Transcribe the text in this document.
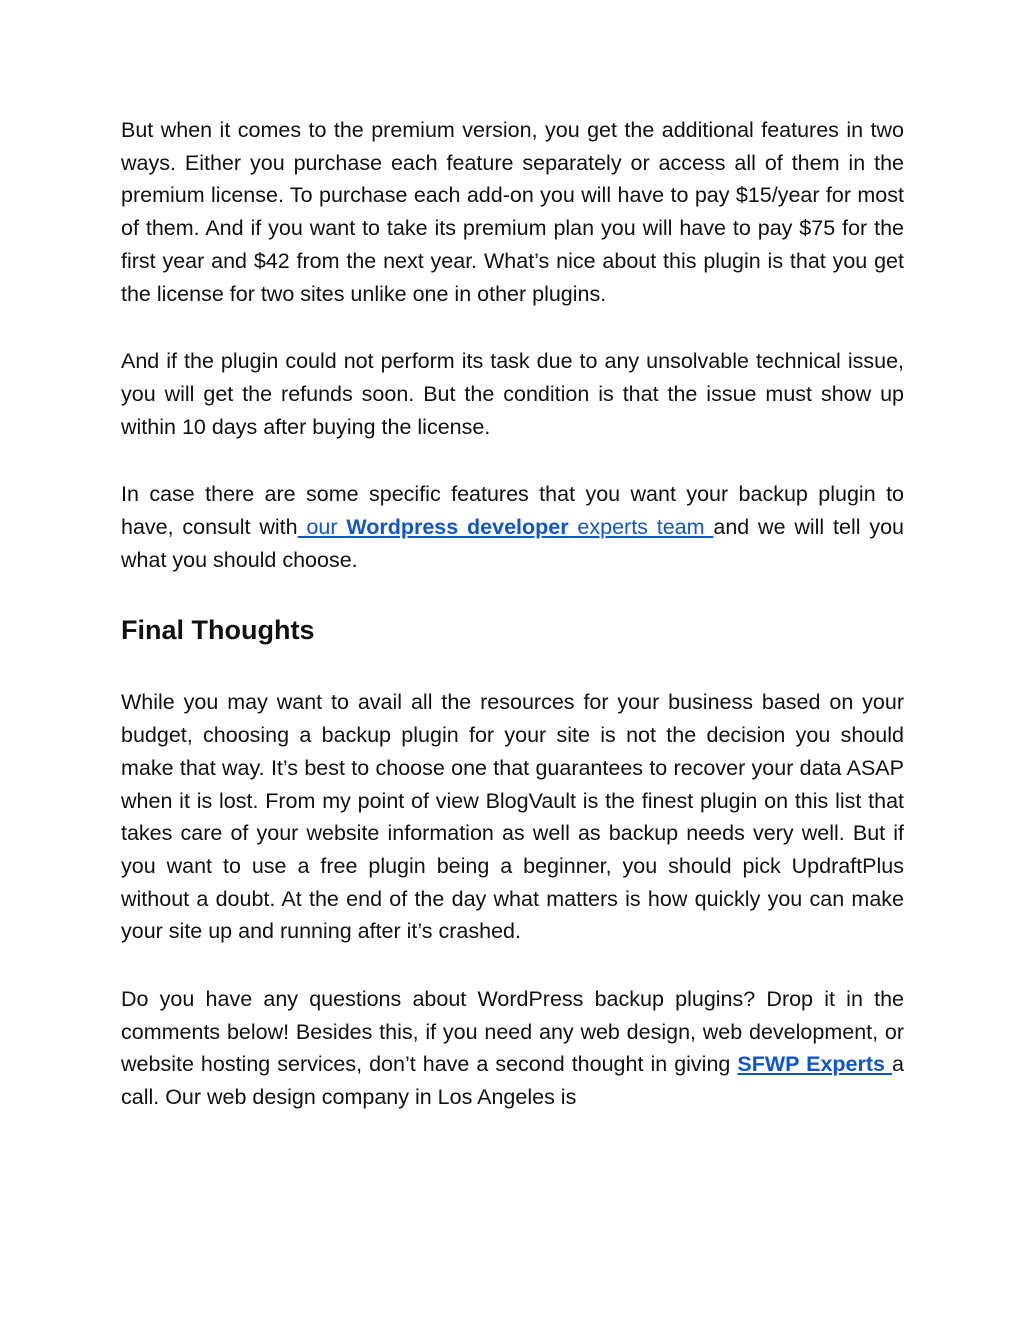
But when it comes to the premium version, you get the additional features in two ways. Either you purchase each feature separately or access all of them in the premium license. To purchase each add-on you will have to pay $15/year for most of them. And if you want to take its premium plan you will have to pay $75 for the first year and $42 from the next year. What’s nice about this plugin is that you get the license for two sites unlike one in other plugins.

And if the plugin could not perform its task due to any unsolvable technical issue, you will get the refunds soon. But the condition is that the issue must show up within 10 days after buying the license.

In case there are some specific features that you want your backup plugin to have, consult with our Wordpress developer experts team and we will tell you what you should choose.

Final Thoughts

While you may want to avail all the resources for your business based on your budget, choosing a backup plugin for your site is not the decision you should make that way. It’s best to choose one that guarantees to recover your data ASAP when it is lost. From my point of view BlogVault is the finest plugin on this list that takes care of your website information as well as backup needs very well. But if you want to use a free plugin being a beginner, you should pick UpdraftPlus without a doubt. At the end of the day what matters is how quickly you can make your site up and running after it’s crashed.

Do you have any questions about WordPress backup plugins? Drop it in the comments below! Besides this, if you need any web design, web development, or website hosting services, don’t have a second thought in giving SFWP Experts a call. Our web design company in Los Angeles is
